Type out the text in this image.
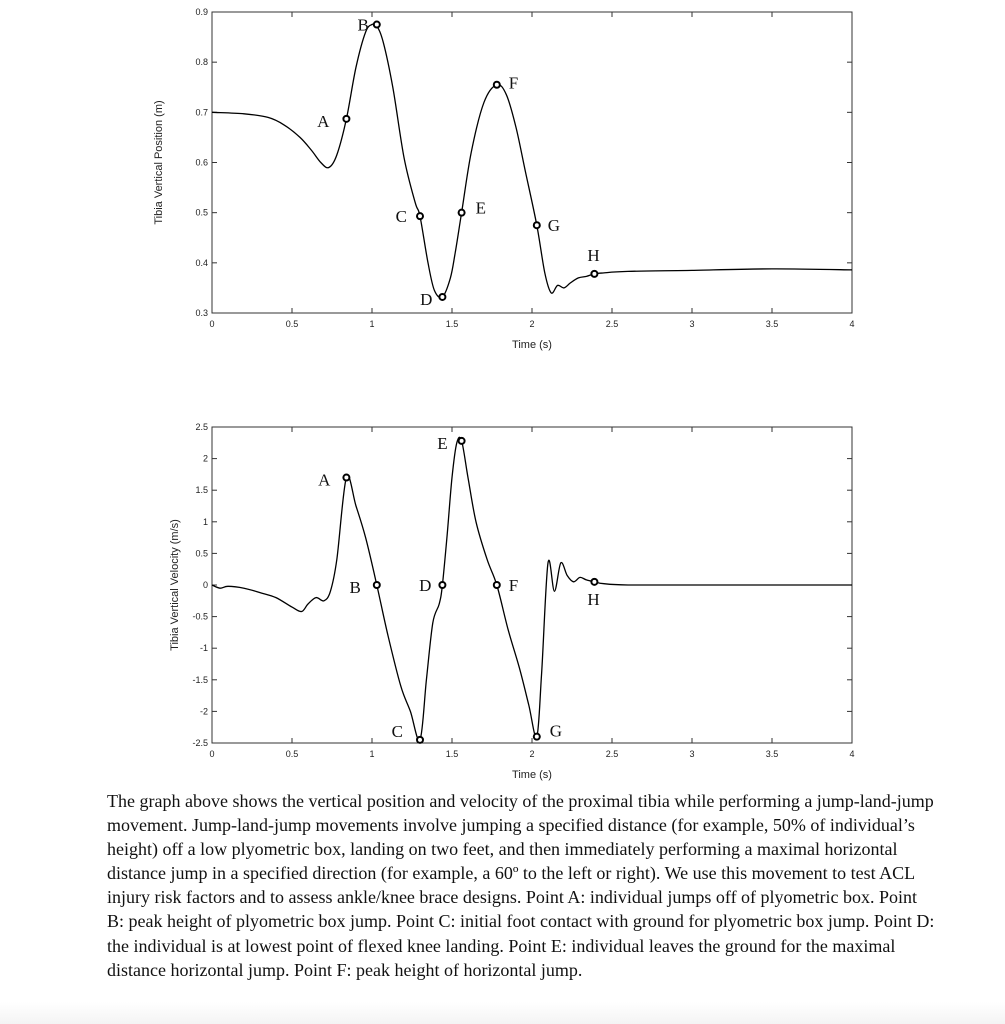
0	0.5	1	1.5	2	2.5	3	3.5	4
0.3
0.4
0.5
0.6
0.7
0.8
0.9
Time (s)
Tibia Vertical Position (m)	A
B
C
D
E
F
G
H
0	0.5	1	1.5	2	2.5	3	3.5	4
2.5
2
1.5
1
0.5
0
-0.5
-1
-1.5
-2
-2.5
Time (s)
Tibia Vertical Velocity (m/s)
A
B
C
D
E
F
G
H

The graph above shows the vertical position and velocity of the proximal tibia while performing a jump-land-jump movement. Jump-land-jump movements involve jumping a specified distance (for example, 50% of individual’s height) off a low plyometric box, landing on two feet, and then immediately performing a maximal horizontal distance jump in a specified direction (for example, a 60º to the left or right). We use this movement to test ACL injury risk factors and to assess ankle/knee brace designs. Point A: individual jumps off of plyometric box. Point B: peak height of plyometric box jump. Point C: initial foot contact with ground for plyometric box jump. Point D: the individual is at lowest point of flexed knee landing. Point E: individual leaves the ground for the maximal distance horizontal jump. Point F: peak height of horizontal jump.
